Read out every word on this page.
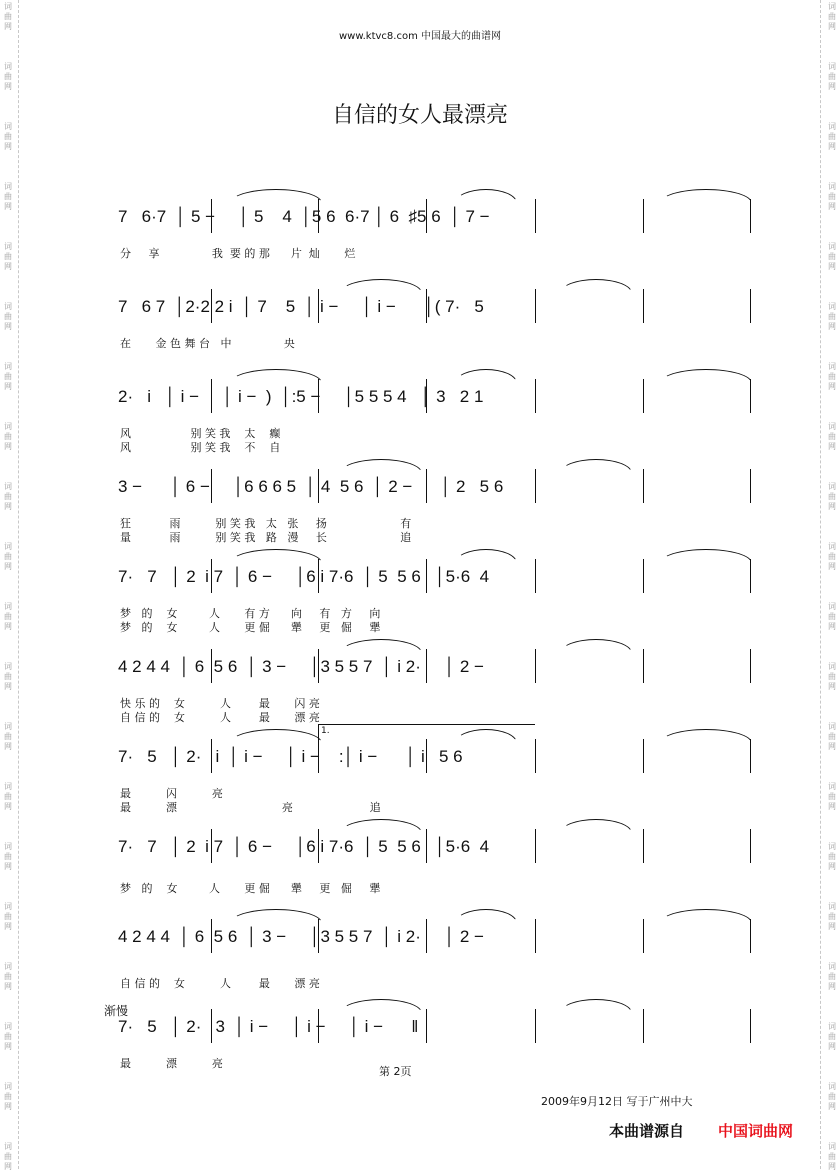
词
曲
网
词
曲
网
词
曲
网
词
曲
网
词
曲
网
词
曲
网
词
曲
网
词
曲
网
词
曲
网
词
曲
网
词
曲
网
词
曲
网
词
曲
网
词
曲
网
词
曲
网
词
曲
网
词
曲
网
词
曲
网
词
曲
网
词
曲
网
词
曲
网
词
曲
网
词
曲
网
词
曲
网
词
曲
网
词
曲
网
词
曲
网
词
曲
网
词
曲
网
词
曲
网
词
曲
网
词
曲
网
词
曲
网
词
曲
网
词
曲
网
词
曲
网
词
曲
网
词
曲
网
词
曲
网
词
曲
网
www.ktvc8.com 中国最大的曲谱网
自信的女人最漂亮
7   6·7  │ 5 −     │ 5    4  │5 6  6·7 │ 6  ♯5 6  │ 7 −
分     享               我  要 的 那      片  灿       烂
7   6 7  │2·2 2 i  │ 7    5  │ i −     │ i −      │( 7·   5
在       金 色 舞 台   中               央
2·   i   │ i −     │ i −  )  │:5 −     │5 5 5 4   │ 3   2 1
风                 别 笑 我    太    癫
风                 别 笑 我    不    自
3 −      │ 6 −     │6 6 6 5  │ 4  5 6  │ 2 −      │ 2   5 6
狂           雨          别 笑 我   太   张     扬                     有
量           雨          别 笑 我   路   漫     长                     追
7·   7   │ 2  i 7  │ 6 −     │6 i 7·6  │ 5  5 6   │5·6  4
梦   的    女         人       有 方      向     有   方     向
梦   的    女         人       更 倔      犟     更   倔     犟
4 2 4 4  │ 6  5 6  │ 3 −     │3 5 5 7  │ i 2·     │ 2 −
快 乐 的    女          人        最       闪 亮
自 信 的    女          人        最       漂 亮
7·   5   │ 2·   i  │ i −     │ i −    :│ i −      │ i   5 6
最          闪          亮
最          漂                              亮                      追
7·   7   │ 2  i 7  │ 6 −     │6 i 7·6  │ 5  5 6   │5·6  4
梦   的    女         人       更 倔      犟     更   倔     犟
4 2 4 4  │ 6  5 6  │ 3 −     │3 5 5 7  │ i 2·     │ 2 −
自 信 的    女          人        最       漂 亮
7·   5   │ 2·   3  │ i −     │ i −     │ i −      ‖
最          漂          亮
1.
渐慢
第 2页
2009年9月12日 写于广州中大
本曲谱源自 中国词曲网
